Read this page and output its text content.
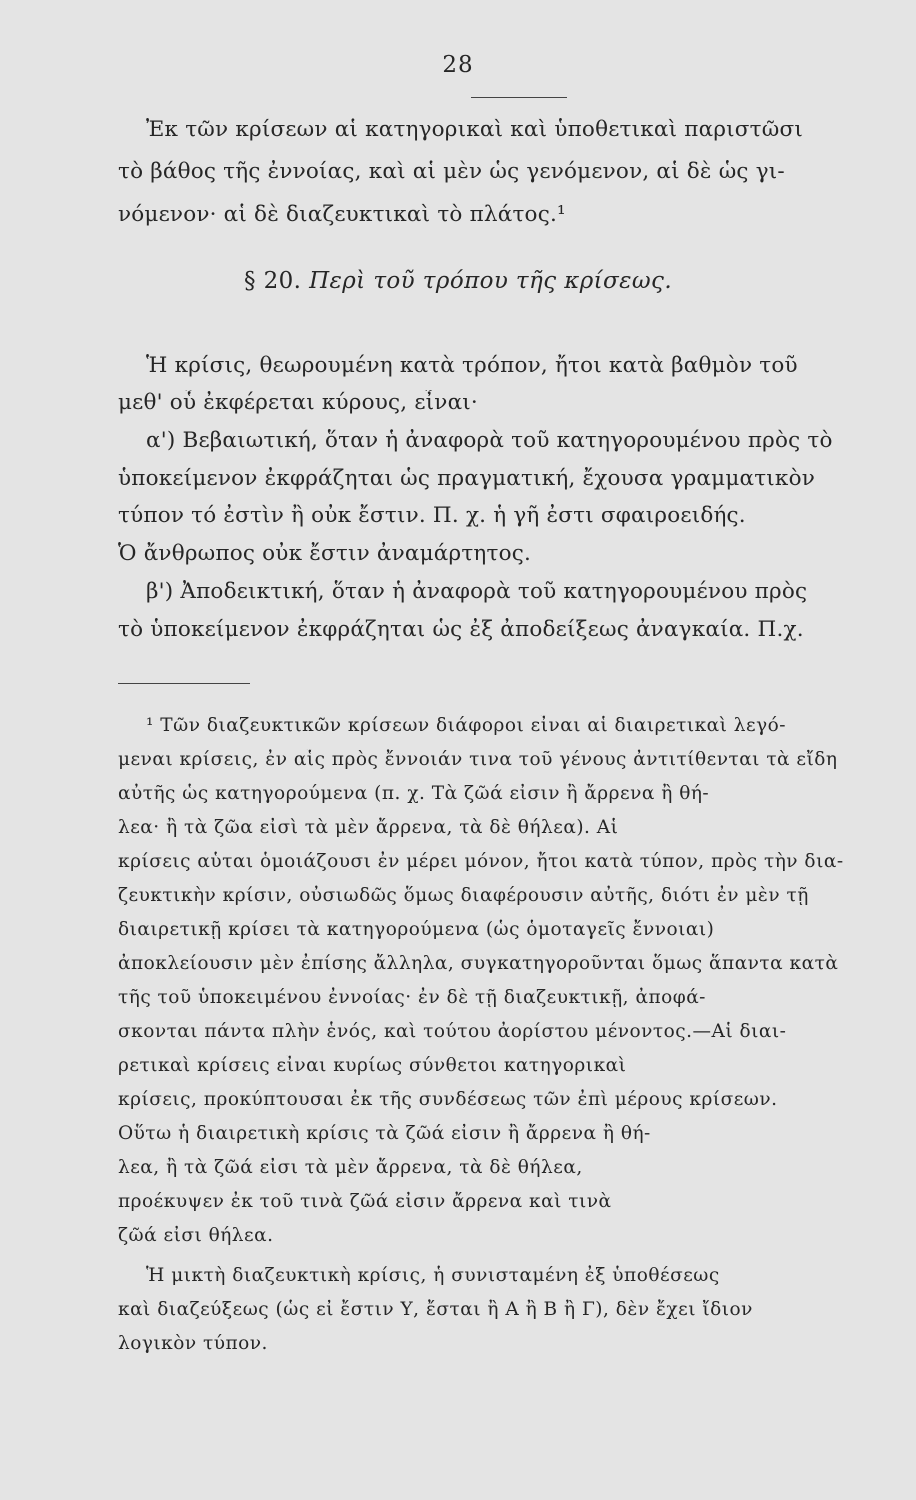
28
Ἐκ τῶν κρίσεων αἱ κατηγορικαὶ καὶ ὑποθετικαὶ παριστῶσι
τὸ βάθος τῆς ἐννοίας, καὶ αἱ μὲν ὡς γενόμενον, αἱ δὲ ὡς γι-
νόμενον· αἱ δὲ διαζευκτικαὶ τὸ πλάτος.¹
§ 20. Περὶ τοῦ τρόπου τῆς κρίσεως.
Ἡ κρίσις, θεωρουμένη κατὰ τρόπον, ἤτοι κατὰ βαθμὸν τοῦ
μεθ' οὗ ἐκφέρεται κύρους, εἶναι·
α') Βεβαιωτική, ὅταν ἡ ἀναφορὰ τοῦ κατηγορουμένου πρὸς τὸ
ὑποκείμενον ἐκφράζηται ὡς πραγματική, ἔχουσα γραμματικὸν
τύπον τό ἐστὶν ἢ οὐκ ἔστιν. Π. χ. ἡ γῆ ἐστι σφαιροειδής.
Ὁ ἄνθρωπος οὐκ ἔστιν ἀναμάρτητος.
β') Ἀποδεικτική, ὅταν ἡ ἀναφορὰ τοῦ κατηγορουμένου πρὸς
τὸ ὑποκείμενον ἐκφράζηται ὡς ἐξ ἀποδείξεως ἀναγκαία. Π.χ.
¹ Τῶν διαζευκτικῶν κρίσεων διάφοροι εἶναι αἱ διαιρετικαὶ λεγό-
μεναι κρίσεις, ἐν αἷς πρὸς ἔννοιάν τινα τοῦ γένους ἀντιτίθενται τὰ εἴδη
αὐτῆς ὡς κατηγορούμενα (π. χ. Τὰ ζῶά εἰσιν ἢ ἄρρενα ἢ θή-
λεα· ἢ τὰ ζῶα εἰσὶ τὰ μὲν ἄρρενα, τὰ δὲ θήλεα). Αἱ
κρίσεις αὗται ὁμοιάζουσι ἐν μέρει μόνον, ἤτοι κατὰ τύπον, πρὸς τὴν δια-
ζευκτικὴν κρίσιν, οὐσιωδῶς ὅμως διαφέρουσιν αὐτῆς, διότι ἐν μὲν τῇ
διαιρετικῇ κρίσει τὰ κατηγορούμενα (ὡς ὁμοταγεῖς ἔννοιαι)
ἀποκλείουσιν μὲν ἐπίσης ἄλληλα, συγκατηγοροῦνται ὅμως ἅπαντα κατὰ
τῆς τοῦ ὑποκειμένου ἐννοίας· ἐν δὲ τῇ διαζευκτικῇ, ἀποφά-
σκονται πάντα πλὴν ἑνός, καὶ τούτου ἀορίστου μένοντος.—Αἱ διαι-
ρετικαὶ κρίσεις εἶναι κυρίως σύνθετοι κατηγορικαὶ
κρίσεις, προκύπτουσαι ἐκ τῆς συνδέσεως τῶν ἐπὶ μέρους κρίσεων.
Οὕτω ἡ διαιρετικὴ κρίσις τὰ ζῶά εἰσιν ἢ ἄρρενα ἢ θή-
λεα, ἢ τὰ ζῶά εἰσι τὰ μὲν ἄρρενα, τὰ δὲ θήλεα,
προέκυψεν ἐκ τοῦ τινὰ ζῶά εἰσιν ἄρρενα καὶ τινὰ
ζῶά εἰσι θήλεα.
Ἡ μικτὴ διαζευκτικὴ κρίσις, ἡ συνισταμένη ἐξ ὑποθέσεως
καὶ διαζεύξεως (ὡς εἰ ἔστιν Υ, ἔσται ἢ Α ἢ Β ἢ Γ), δὲν ἔχει ἴδιον
λογικὸν τύπον.
